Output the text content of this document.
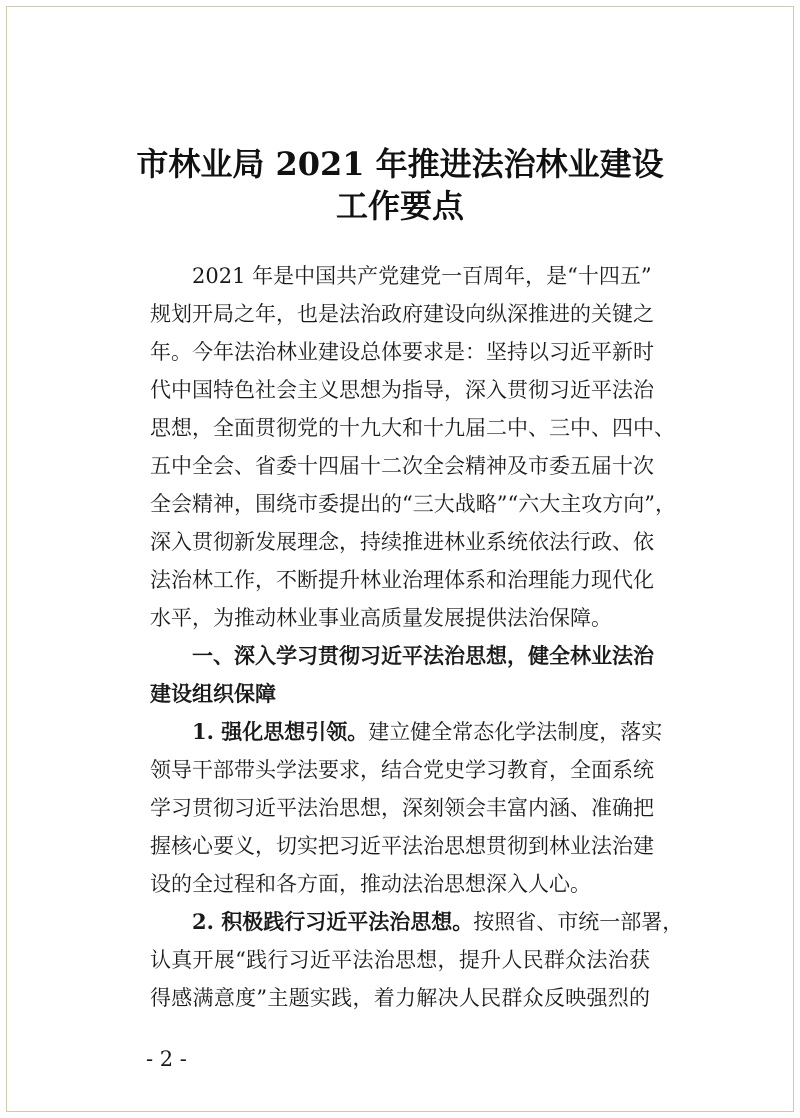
市林业局 2021 年推进法治林业建设
工作要点
2021 年是中国共产党建党一百周年，是“十四五”
规划开局之年，也是法治政府建设向纵深推进的关键之
年。今年法治林业建设总体要求是：坚持以习近平新时
代中国特色社会主义思想为指导，深入贯彻习近平法治
思想，全面贯彻党的十九大和十九届二中、三中、四中、
五中全会、省委十四届十二次全会精神及市委五届十次
全会精神，围绕市委提出的“三大战略”“六大主攻方向”，
深入贯彻新发展理念，持续推进林业系统依法行政、依
法治林工作，不断提升林业治理体系和治理能力现代化
水平，为推动林业事业高质量发展提供法治保障。
一、深入学习贯彻习近平法治思想，健全林业法治
建设组织保障
1. 强化思想引领。建立健全常态化学法制度，落实
领导干部带头学法要求，结合党史学习教育，全面系统
学习贯彻习近平法治思想，深刻领会丰富内涵、准确把
握核心要义，切实把习近平法治思想贯彻到林业法治建
设的全过程和各方面，推动法治思想深入人心。
2. 积极践行习近平法治思想。按照省、市统一部署，
认真开展“践行习近平法治思想，提升人民群众法治获
得感满意度”主题实践，着力解决人民群众反映强烈的
- 2 -
